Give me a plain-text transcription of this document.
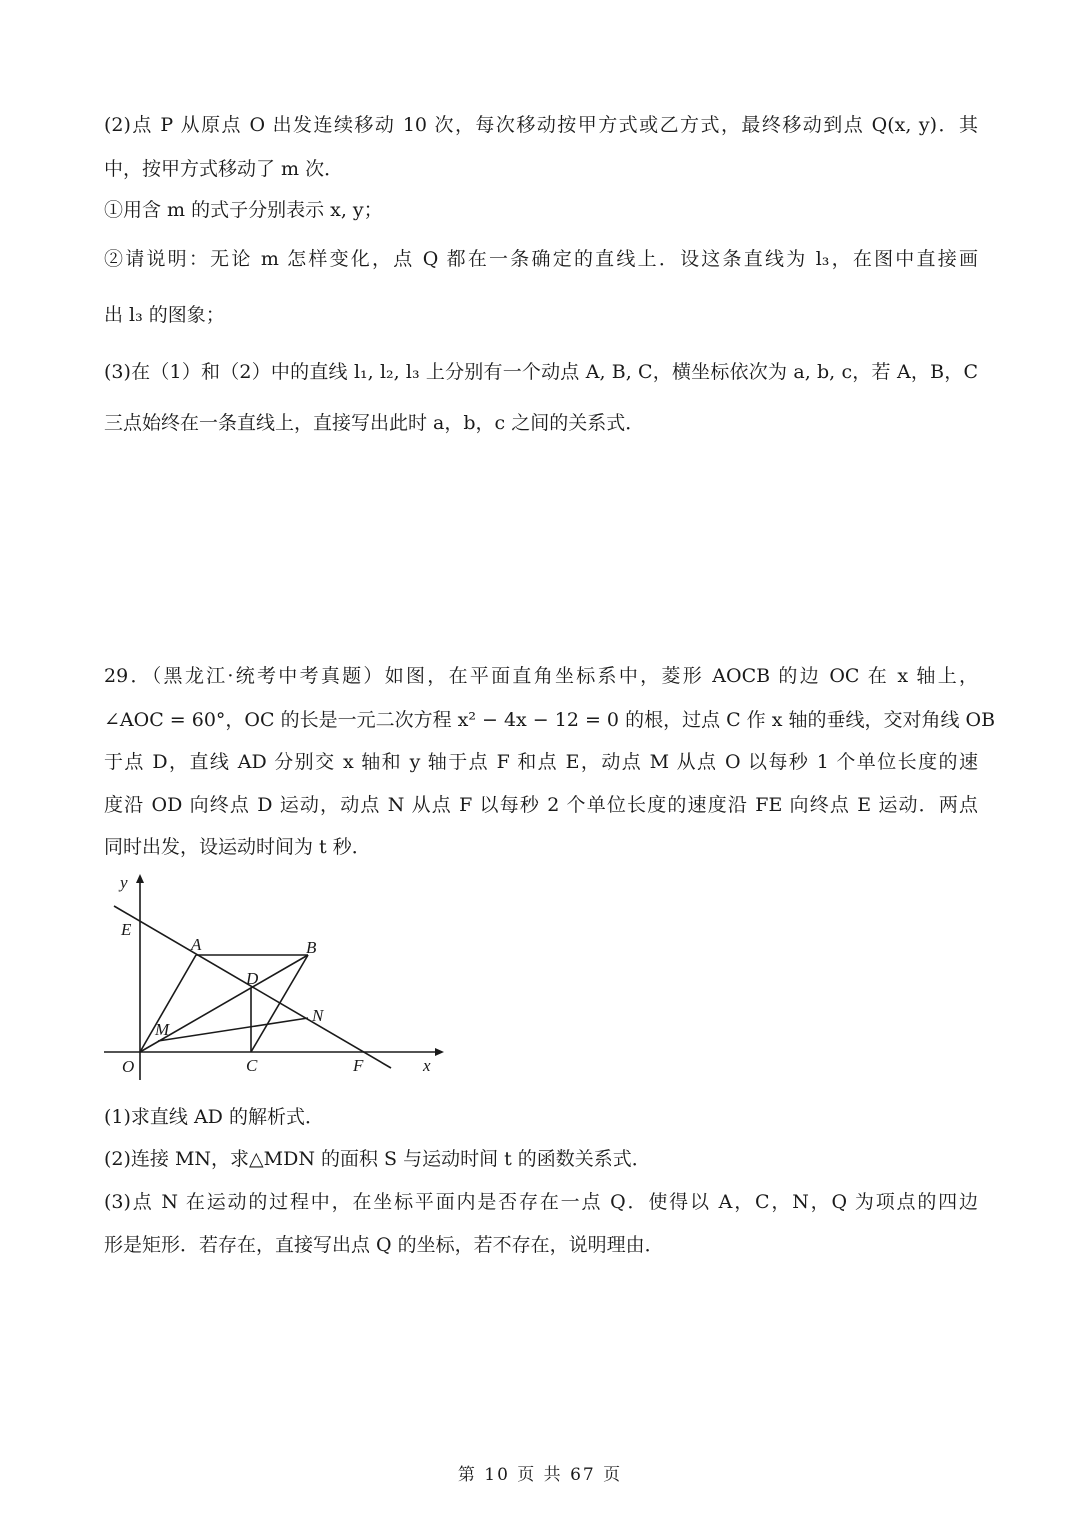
(2)点 P 从原点 O 出发连续移动 10 次，每次移动按甲方式或乙方式，最终移动到点 Q(x, y)．其
中，按甲方式移动了 m 次．
①用含 m 的式子分别表示 x, y；
②请说明：无论 m 怎样变化，点 Q 都在一条确定的直线上．设这条直线为 l₃，在图中直接画
出 l₃ 的图象；
(3)在（1）和（2）中的直线 l₁, l₂, l₃ 上分别有一个动点 A, B, C，横坐标依次为 a, b, c，若 A，B，C
三点始终在一条直线上，直接写出此时 a，b，c 之间的关系式．
29．（黑龙江·统考中考真题）如图，在平面直角坐标系中，菱形 AOCB 的边 OC 在 x 轴上，
∠AOC = 60°，OC 的长是一元二次方程 x² − 4x − 12 = 0 的根，过点 C 作 x 轴的垂线，交对角线 OB
于点 D，直线 AD 分别交 x 轴和 y 轴于点 F 和点 E，动点 M 从点 O 以每秒 1 个单位长度的速
度沿 OD 向终点 D 运动，动点 N 从点 F 以每秒 2 个单位长度的速度沿 FE 向终点 E 运动．两点
同时出发，设运动时间为 t 秒．
y
E
A	B
D
M
N
O	C	F	x
(1)求直线 AD 的解析式．
(2)连接 MN，求△MDN 的面积 S 与运动时间 t 的函数关系式．
(3)点 N 在运动的过程中，在坐标平面内是否存在一点 Q．使得以 A，C，N，Q 为项点的四边
形是矩形．若存在，直接写出点 Q 的坐标，若不存在，说明理由．
第 10 页 共 67 页
